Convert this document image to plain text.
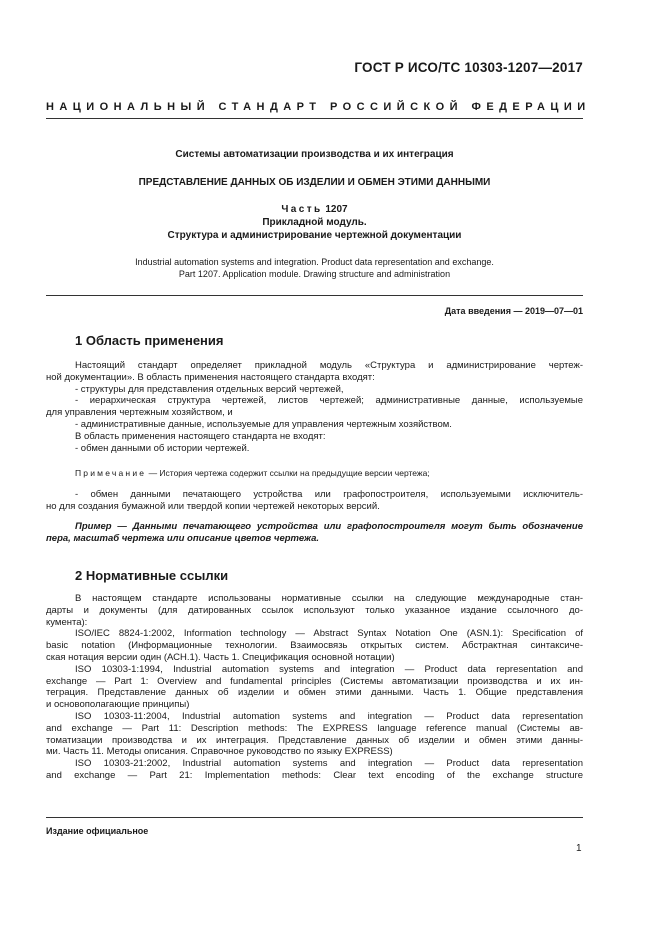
ГОСТ Р ИСО/ТС 10303-1207—2017
НАЦИОНАЛЬНЫЙ СТАНДАРТ РОССИЙСКОЙ ФЕДЕРАЦИИ
Системы автоматизации производства и их интеграция
ПРЕДСТАВЛЕНИЕ ДАННЫХ ОБ ИЗДЕЛИИ И ОБМЕН ЭТИМИ ДАННЫМИ
Часть 1207
Прикладной модуль.
Структура и администрирование чертежной документации
Industrial automation systems and integration. Product data representation and exchange.
Part 1207. Application module. Drawing structure and administration
Дата введения — 2019—07—01
1 Область применения
Настоящий стандарт определяет прикладной модуль «Структура и администрирование чертеж-
ной документации». В область применения настоящего стандарта входят:
- структуры для представления отдельных версий чертежей,
- иерархическая структура чертежей, листов чертежей; административные данные, используемые
для управления чертежным хозяйством, и
- административные данные, используемые для управления чертежным хозяйством.
В область применения настоящего стандарта не входят:
- обмен данными об истории чертежей.
Примечание — История чертежа содержит ссылки на предыдущие версии чертежа;
- обмен данными печатающего устройства или графопостроителя, используемыми исключитель-
но для создания бумажной или твердой копии чертежей некоторых версий.
Пример — Данными печатающего устройства или графопостроителя могут быть обозначение
пера, масштаб чертежа или описание цветов чертежа.
2 Нормативные ссылки
В настоящем стандарте использованы нормативные ссылки на следующие международные стан-
дарты и документы (для датированных ссылок используют только указанное издание ссылочного до-
кумента):
ISO/IEC 8824-1:2002, Information technology — Abstract Syntax Notation One (ASN.1): Specification of
basic notation (Информационные технологии. Взаимосвязь открытых систем. Абстрактная синтаксиче-
ская нотация версии один (АСН.1). Часть 1. Спецификация основной нотации)
ISO 10303-1:1994, Industrial automation systems and integration — Product data representation and
exchange — Part 1: Overview and fundamental principles (Системы автоматизации производства и их ин-
теграция. Представление данных об изделии и обмен этими данными. Часть 1. Общие представления
и основополагающие принципы)
ISO 10303-11:2004, Industrial automation systems and integration — Product data representation
and exchange — Part 11: Description methods: The EXPRESS language reference manual (Системы ав-
томатизации производства и их интеграция. Представление данных об изделии и обмен этими данны-
ми. Часть 11. Методы описания. Справочное руководство по языку EXPRESS)
ISO 10303-21:2002, Industrial automation systems and integration — Product data representation
and exchange — Part 21: Implementation methods: Clear text encoding of the exchange structure
Издание официальное
1
